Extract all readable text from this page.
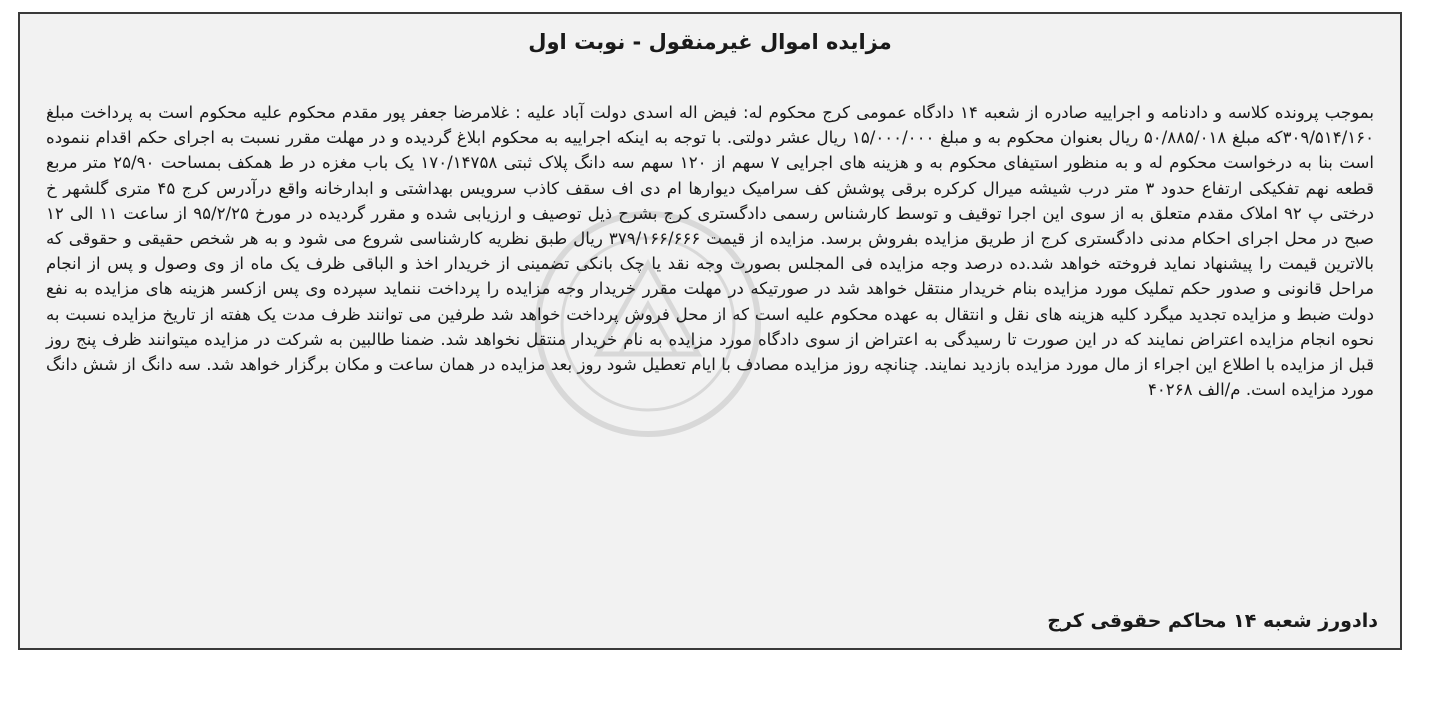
مزایده اموال غیرمنقول - نوبت اول

بموجب پرونده کلاسه و دادنامه و اجراییه صادره از شعبه ۱۴ دادگاه عمومی کرج محکوم له: فیض اله اسدی دولت آباد علیه : غلامرضا جعفر پور مقدم محکوم علیه محکوم است به پرداخت مبلغ ۳۰۹/۵۱۴/۱۶۰که مبلغ ۵۰/۸۸۵/۰۱۸ ریال بعنوان محکوم به و مبلغ ۱۵/۰۰۰/۰۰۰ ریال عشر دولتی. با توجه به اینکه اجراییه به محکوم ابلاغ گردیده و در مهلت مقرر نسبت به اجرای حکم اقدام ننموده است بنا به درخواست محکوم له و به منظور استیفای محکوم به و هزینه های اجرایی ۷ سهم از ۱۲۰ سهم سه دانگ پلاک ثبتی ۱۷۰/۱۴۷۵۸ یک باب مغزه در ط همکف بمساحت ۲۵/۹۰ متر مربع قطعه نهم تفکیکی ارتفاع حدود ۳ متر درب شیشه میرال کرکره برقی پوشش کف سرامیک دیوارها ام دی اف سقف کاذب سرویس بهداشتی و ابدارخانه واقع درآدرس کرج ۴۵ متری گلشهر خ درختی پ ۹۲ املاک مقدم متعلق به از سوی این اجرا توقیف و توسط کارشناس رسمی دادگستری کرج بشرح ذیل توصیف و ارزیابی شده و مقرر گردیده در مورخ ۹۵/۲/۲۵ از ساعت ۱۱ الی ۱۲ صبح در محل اجرای احکام مدنی دادگستری کرج از طریق مزایده بفروش برسد. مزایده از قیمت ۳۷۹/۱۶۶/۶۶۶ ریال طبق نظریه کارشناسی شروع می شود و به هر شخص حقیقی و حقوقی که بالاترین قیمت را پیشنهاد نماید فروخته خواهد شد.ده درصد وجه مزایده فی المجلس بصورت وجه نقد یا چک بانکی تضمینی از خریدار اخذ و الباقی ظرف یک ماه از وی وصول و پس از انجام مراحل قانونی و صدور حکم تملیک مورد مزایده بنام خریدار منتقل خواهد شد در صورتیکه در مهلت مقرر خریدار وجه مزایده را پرداخت ننماید سپرده وی پس ازکسر هزینه های مزایده به نفع دولت ضبط و مزایده تجدید میگرد کلیه هزینه های نقل و انتقال به عهده محکوم علیه است که از محل فروش پرداخت خواهد شد طرفین می توانند ظرف مدت یک هفته از تاریخ مزایده نسبت به نحوه انجام مزایده اعتراض نمایند که در این صورت تا رسیدگی به اعتراض از سوی دادگاه مورد مزایده به نام خریدار منتقل نخواهد شد. ضمنا طالبین به شرکت در مزایده میتوانند ظرف پنج روز قبل از مزایده با اطلاع این اجراء از مال مورد مزایده بازدید نمایند. چنانچه روز مزایده مصادف با ایام تعطیل شود روز بعد مزایده در همان ساعت و مکان برگزار خواهد شد. سه دانگ از شش دانگ مورد مزایده است. م/الف ۴۰۲۶۸

دادورز شعبه ۱۴ محاکم حقوقی کرج
